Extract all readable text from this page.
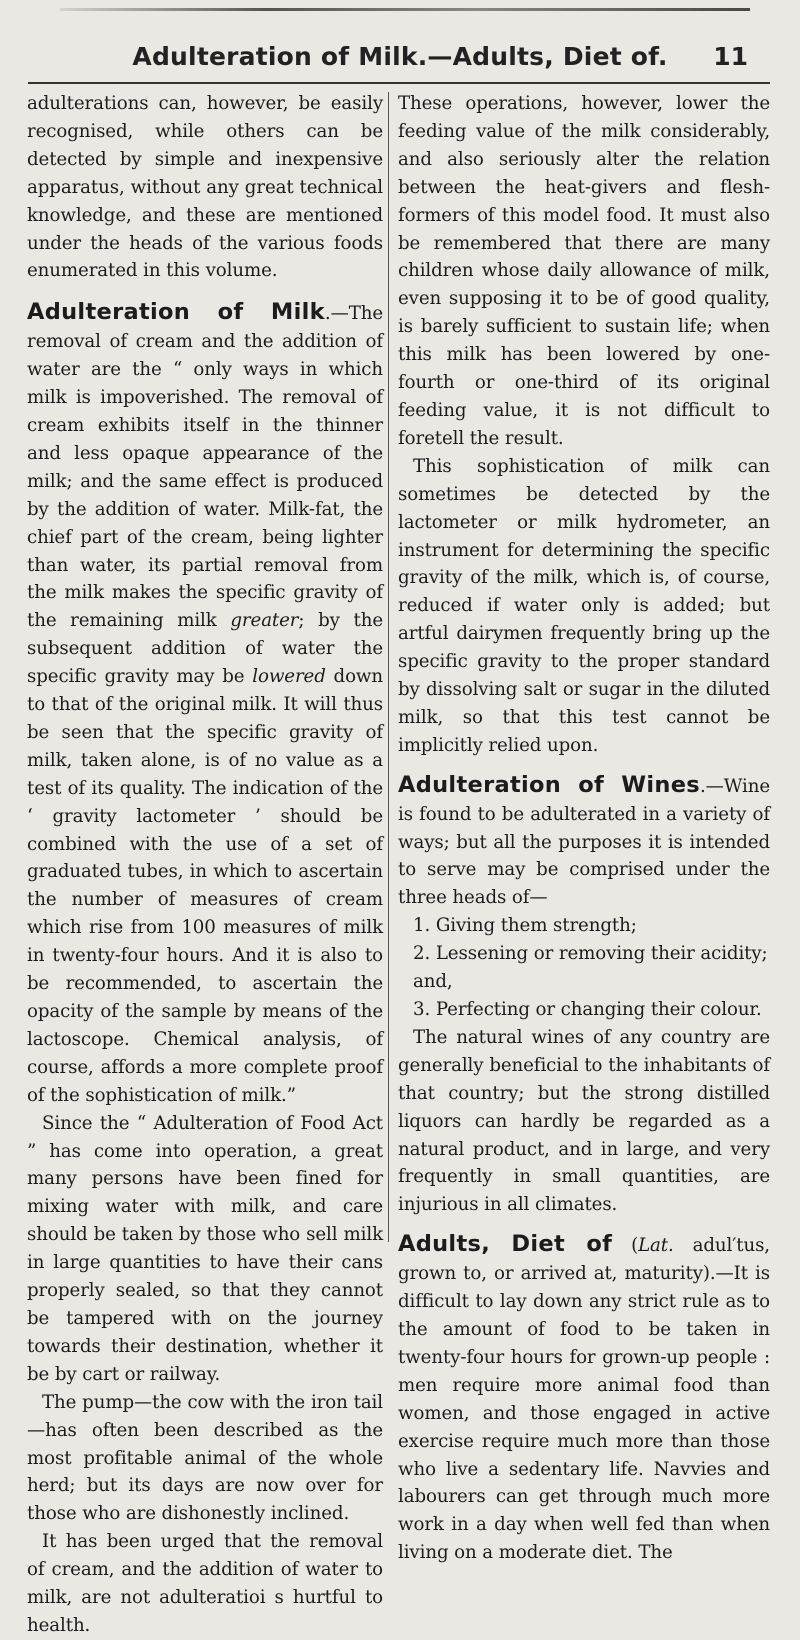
Adulteration of Milk.—Adults, Diet of.	11

adulterations can, however, be easily recognised, while others can be detected by simple and inexpensive apparatus, without any great technical knowledge, and these are mentioned under the heads of the various foods enumerated in this volume.

Adulteration of Milk.—The removal of cream and the addition of water are the “ only ways in which milk is impoverished. The removal of cream exhibits itself in the thinner and less opaque appearance of the milk; and the same effect is produced by the addition of water. Milk-fat, the chief part of the cream, being lighter than water, its partial removal from the milk makes the specific gravity of the remaining milk greater; by the subsequent addition of water the specific gravity may be lowered down to that of the original milk. It will thus be seen that the specific gravity of milk, taken alone, is of no value as a test of its quality. The indication of the ‘ gravity lactometer ’ should be combined with the use of a set of graduated tubes, in which to ascertain the number of measures of cream which rise from 100 measures of milk in twenty-four hours. And it is also to be recommended, to ascertain the opacity of the sample by means of the lactoscope. Chemical analysis, of course, affords a more complete proof of the sophistication of milk.”

Since the “ Adulteration of Food Act ” has come into operation, a great many persons have been fined for mixing water with milk, and care should be taken by those who sell milk in large quantities to have their cans properly sealed, so that they cannot be tampered with on the journey towards their destination, whether it be by cart or railway.

The pump—the cow with the iron tail—has often been described as the most profitable animal of the whole herd; but its days are now over for those who are dishonestly inclined.

It has been urged that the removal of cream, and the addition of water to milk, are not adulteratioi s hurtful to health.

These operations, however, lower the feeding value of the milk considerably, and also seriously alter the relation between the heat-givers and flesh-formers of this model food. It must also be remembered that there are many children whose daily allowance of milk, even supposing it to be of good quality, is barely sufficient to sustain life; when this milk has been lowered by one-fourth or one-third of its original feeding value, it is not difficult to foretell the result.

This sophistication of milk can sometimes be detected by the lactometer or milk hydrometer, an instrument for determining the specific gravity of the milk, which is, of course, reduced if water only is added; but artful dairymen frequently bring up the specific gravity to the proper standard by dissolving salt or sugar in the diluted milk, so that this test cannot be implicitly relied upon.

Adulteration of Wines.—Wine is found to be adulterated in a variety of ways; but all the purposes it is intended to serve may be comprised under the three heads of—

1. Giving them strength;
2. Lessening or removing their acidity; and,
3. Perfecting or changing their colour.

The natural wines of any country are generally beneficial to the inhabitants of that country; but the strong distilled liquors can hardly be regarded as a natural product, and in large, and very frequently in small quantities, are injurious in all climates.

Adults, Diet of (Lat. adul′tus, grown to, or arrived at, maturity).—It is difficult to lay down any strict rule as to the amount of food to be taken in twenty-four hours for grown-up people : men require more animal food than women, and those engaged in active exercise require much more than those who live a sedentary life. Navvies and labourers can get through much more work in a day when well fed than when living on a moderate diet. The
